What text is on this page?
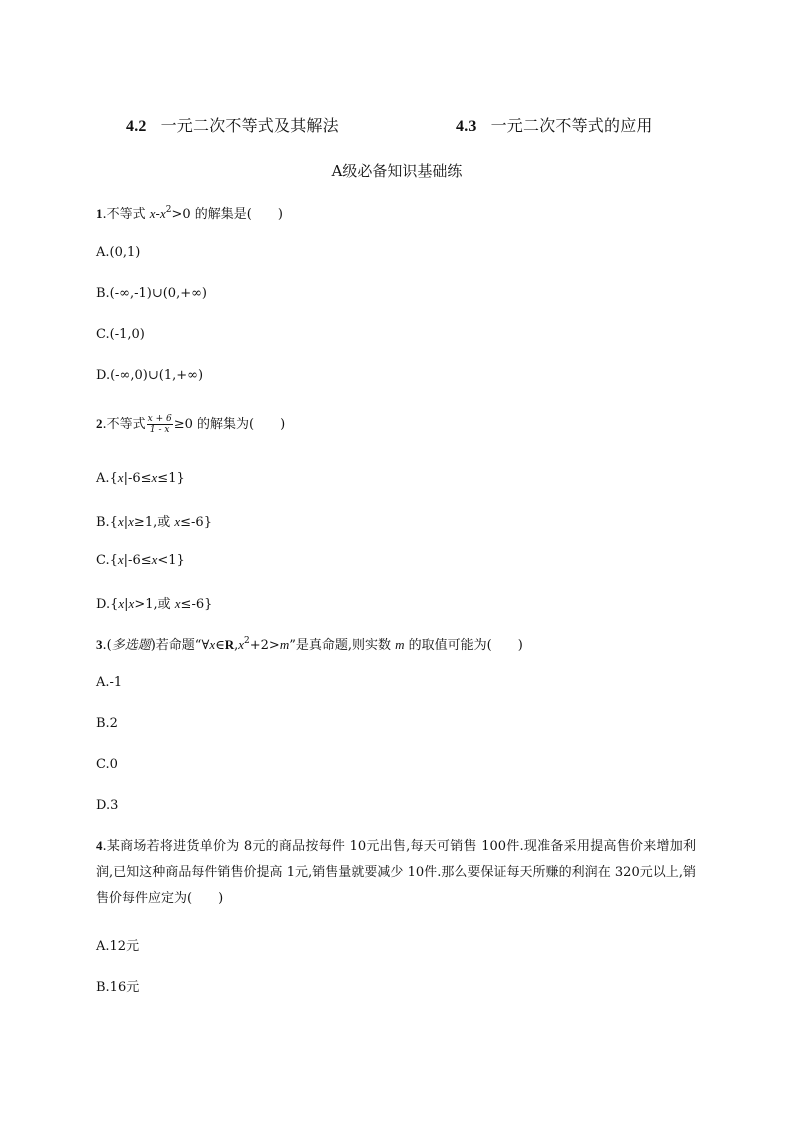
4.2 一元二次不等式及其解法	4.3 一元二次不等式的应用
A级必备知识基础练
1.不等式 $x-x^2>0$ 的解集是(　　)
A.(0,1)
B.(-∞,-1)∪(0,+∞)
C.(-1,0)
D.(-∞,0)∪(1,+∞)
2.不等式 $\frac{x + 6}{1 - x} \ge 0$ 的解集为(　　)
A.{x|-6≤x≤1}
B.{x|x≥1,或 x≤-6}
C.{x|-6≤x<1}
D.{x|x>1,或 x≤-6}
3.(多选题)若命题“$\forall x\in R,x^2+2>m$”是真命题,则实数 m 的取值可能为(　　)
A.-1
B.2
C.0
D.3
4.某商场若将进货单价为 8元的商品按每件 10元出售,每天可销售 100件.现准备采用提高售价来增加利润,已知这种商品每件销售价提高 1元,销售量就要减少 10件.那么要保证每天所赚的利润在 320元以上,销售价每件应定为(　　)
A.12元
B.16元
